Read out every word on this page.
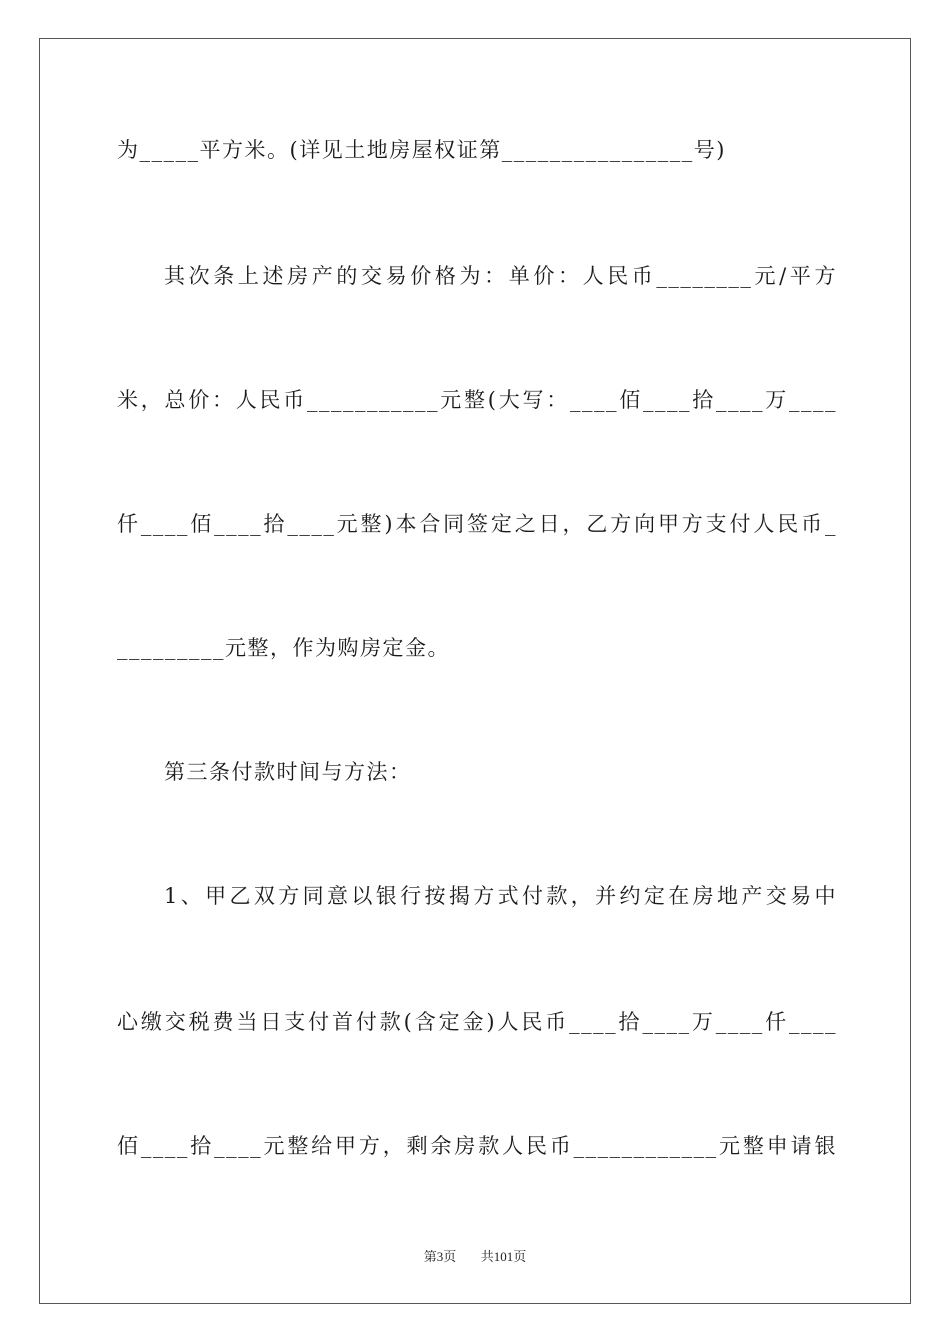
为_____平方米。(详见土地房屋权证第________________号)
其次条上述房产的交易价格为：单价：人民币________元/平方
米，总价：人民币___________元整(大写：____佰____拾____万____
仟____佰____拾____元整)本合同签定之日，乙方向甲方支付人民币_
_________元整，作为购房定金。
第三条付款时间与方法：
1、甲乙双方同意以银行按揭方式付款，并约定在房地产交易中
心缴交税费当日支付首付款(含定金)人民币____拾____万____仟____
佰____拾____元整给甲方，剩余房款人民币____________元整申请银
第3页 共101页
